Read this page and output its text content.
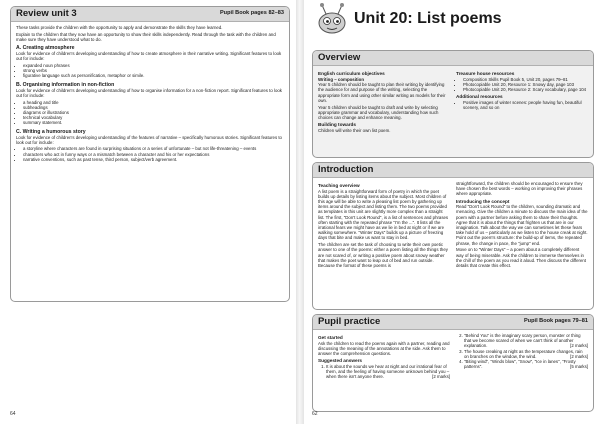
Review unit 3	Pupil Book pages 82–83

These tasks provide the children with the opportunity to apply and demonstrate the skills they have learned.

Explain to the children that they now have an opportunity to show their skills independently. Read through the task with the children and make sure they have understood what to do.

A. Creating atmosphere

Look for evidence of children's developing understanding of how to create atmosphere in their narrative writing. Significant features to look out for include:

• expanded noun phrases
• strong verbs
• figurative language such as personification, metaphor or simile.
B. Organising information in non-fiction

Look for evidence of children's developing understanding of how to organise information for a non-fiction report. Significant features to look out for include:

• a heading and title
• subheadings
• diagrams or illustrations
• technical vocabulary
• summary statement.
C. Writing a humorous story

Look for evidence of children's developing understanding of the features of narrative – specifically humorous stories. Significant features to look out for include:

• a storyline where characters are found in surprising situations or a series of unfortunate – but not life-threatening – events
• characters who act in funny ways or a mismatch between a character and his or her expectations
• narrative conventions, such as past tense, third person, subject/verb agreement.
64
Unit 20: List poems
Overview
English curriculum objectives
Writing – composition

Year 5 children should be taught to plan their writing by identifying the audience for and purpose of the writing, selecting the appropriate form and using other similar writing as models for their own.

Year 5 children should be taught to draft and write by selecting appropriate grammar and vocabulary, understanding how such choices can change and enhance meaning.

Building towards

Children will write their own list poem.

Treasure house resources
• Composition Skills Pupil Book 5, Unit 20, pages 79–81
• Photocopiable Unit 20, Resource 1: Snowy day, page 103
• Photocopiable Unit 20, Resource 2: Scary vocabulary, page 104
Additional resources
• Positive images of winter scenes: people having fun, beautiful scenery, and so on
Introduction
Teaching overview

A list poem is a straightforward form of poetry in which the poet builds up details by listing items about the subject. Most children of this age will be able to write a pleasing list poem by gathering up items around the subject and listing them. The two poems provided as templates in this unit are slightly more complex than a straight list. The first, "Don't Look Round", is a list of sentences and phrases often starting with the repeated phrase "I'm the ...". It lists all the irrational fears we might have as we lie in bed at night or if we are walking somewhere. "Winter Days" builds up a picture of freezing days that bite and make us want to stay in bed.

The children are set the task of choosing to write their own poetic answer to one of the poems: either a poem listing all the things they are not scared of, or writing a positive poem about snowy weather that makes the poet want to leap out of bed and run outside. Because the format of these poems is

straightforward, the children should be encouraged to ensure they have chosen the best words – working on improving their phrases where appropriate.

Introducing the concept

Read "Don't Look Round" to the children, sounding dramatic and menacing. Give the children a minute to discuss the main idea of the poem with a partner before asking them to share their thoughts. Agree that it is about the things that frighten us that are in our imagination. Talk about the way we can sometimes let these fears take hold of us – particularly as we listen to the house creak at night. Point out the poem's structure: the build-up of items, the repeated phrase, the change in pace, the "jump" end.

Move on to "Winter Days" – a poem about a completely different way of being miserable. Ask the children to immerse themselves in the chill of the poem as you read it aloud. Then discuss the different details that create this effect.

Pupil practice	Pupil Book pages 79–81
Get started

Ask the children to read the poems again with a partner, reading and discussing the meaning of the annotations at the side. Ask them to answer the comprehension questions.

Suggested answers
1. It is about the sounds we hear at night and our irrational fear of them, and the feeling of having someone unknown behind you – when there isn't anyone there.	[2 marks]
2. "Behind You" is the imaginary scary person, monster or thing that we become scared of when we can't think of another explanation.	[2 marks]
3. The house creaking at night as the temperature changes, rain on branches on the window, the wind.	[2 marks]
4. "Biting wind", "Winds blow", "Snow", "Ice in lanes", "Frosty patterns".	[5 marks]
62
